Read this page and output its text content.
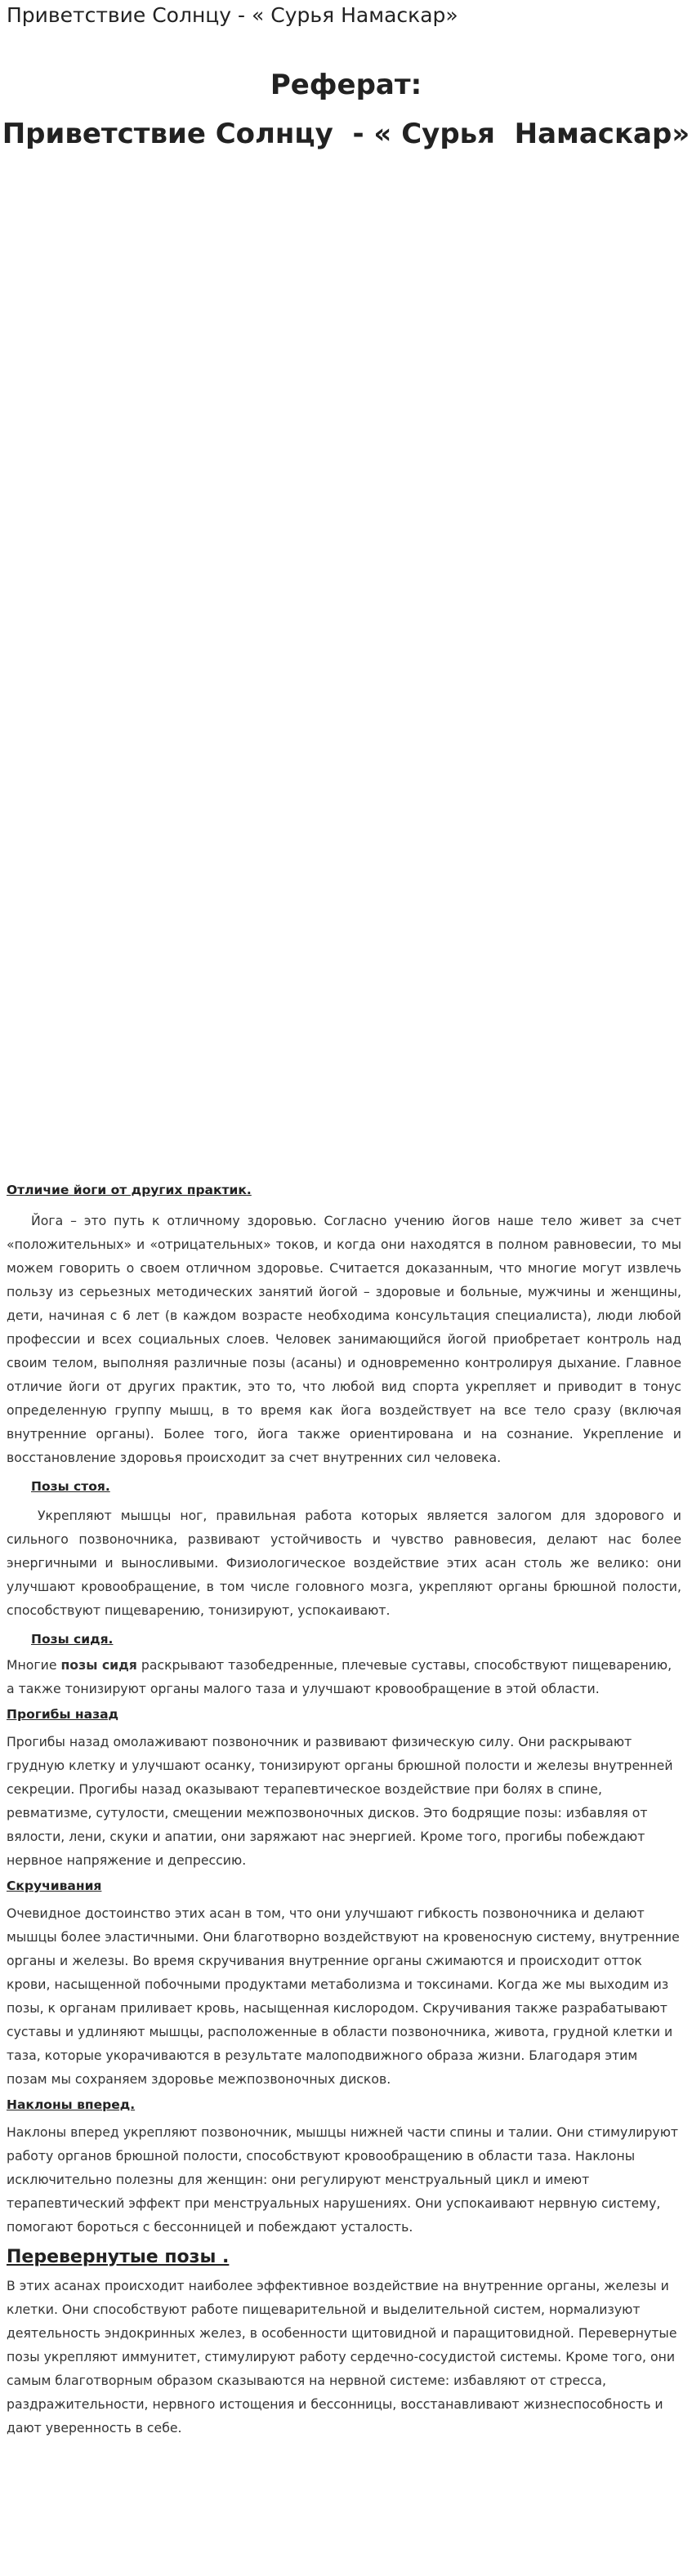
Приветствие Солнцу - « Сурья Намаскар»
Реферат:
Приветствие Солнцу  - « Сурья  Намаскар»
Отличие йоги от других практик.

Йога – это путь к отличному здоровью. Согласно учению йогов наше тело живет за счет «положительных» и «отрицательных» токов, и когда они находятся в полном равновесии, то мы можем говорить о своем отличном здоровье. Считается доказанным, что многие могут извлечь пользу из серьезных методических занятий йогой – здоровые и больные, мужчины и женщины, дети, начиная с 6 лет (в каждом возрасте необходима консультация специалиста), люди любой профессии и всех социальных слоев. Человек занимающийся йогой приобретает контроль над своим телом, выполняя различные позы (асаны) и одновременно контролируя дыхание. Главное отличие йоги от других практик, это то, что любой вид спорта укрепляет и приводит в тонус определенную группу мышц, в то время как йога воздействует на все тело сразу (включая внутренние органы). Более того, йога также ориентирована и на сознание. Укрепление и восстановление здоровья происходит за счет внутренних сил человека.

Позы стоя.

Укрепляют мышцы ног, правильная работа которых является залогом для здорового и сильного позвоночника, развивают устойчивость и чувство равновесия, делают нас более энергичными и выносливыми. Физиологическое воздействие этих асан столь же велико: они улучшают кровообращение, в том числе головного мозга, укрепляют органы брюшной полости, способствуют пищеварению, тонизируют, успокаивают.

Позы сидя.

Многие позы сидя раскрывают тазобедренные, плечевые суставы, способствуют пищеварению, а также тонизируют органы малого таза и улучшают кровообращение в этой области.

Прогибы назад

Прогибы назад омолаживают позвоночник и развивают физическую силу. Они раскрывают грудную клетку и улучшают осанку, тонизируют органы брюшной полости и железы внутренней секреции. Прогибы назад оказывают терапевтическое воздействие при болях в спине, ревматизме, сутулости, смещении межпозвоночных дисков. Это бодрящие позы: избавляя от вялости, лени, скуки и апатии, они заряжают нас энергией. Кроме того, прогибы побеждают нервное напряжение и депрессию.

Скручивания

Очевидное достоинство этих асан в том, что они улучшают гибкость позвоночника и делают мышцы более эластичными. Они благотворно воздействуют на кровеносную систему, внутренние органы и железы. Во время скручивания внутренние органы сжимаются и происходит отток крови, насыщенной побочными продуктами метаболизма и токсинами. Когда же мы выходим из позы, к органам приливает кровь, насыщенная кислородом. Скручивания также разрабатывают суставы и удлиняют мышцы, расположенные в области позвоночника, живота, грудной клетки и таза, которые укорачиваются в результате малоподвижного образа жизни. Благодаря этим позам мы сохраняем здоровье межпозвоночных дисков.

Наклоны вперед.

Наклоны вперед укрепляют позвоночник, мышцы нижней части спины и талии. Они стимулируют работу органов брюшной полости, способствуют кровообращению в области таза. Наклоны исключительно полезны для женщин: они регулируют менструальный цикл и имеют терапевтический эффект при менструальных нарушениях. Они успокаивают нервную систему, помогают бороться с бессонницей и побеждают усталость.

Перевернутые позы .

В этих асанах происходит наиболее эффективное воздействие на внутренние органы, железы и клетки. Они способствуют работе пищеварительной и выделительной систем, нормализуют деятельность эндокринных желез, в особенности щитовидной и паращитовидной. Перевернутые позы укрепляют иммунитет, стимулируют работу сердечно-сосудистой системы. Кроме того, они самым благотворным образом сказываются на нервной системе: избавляют от стресса, раздражительности, нервного истощения и бессонницы, восстанавливают жизнеспособность и дают уверенность в себе.
